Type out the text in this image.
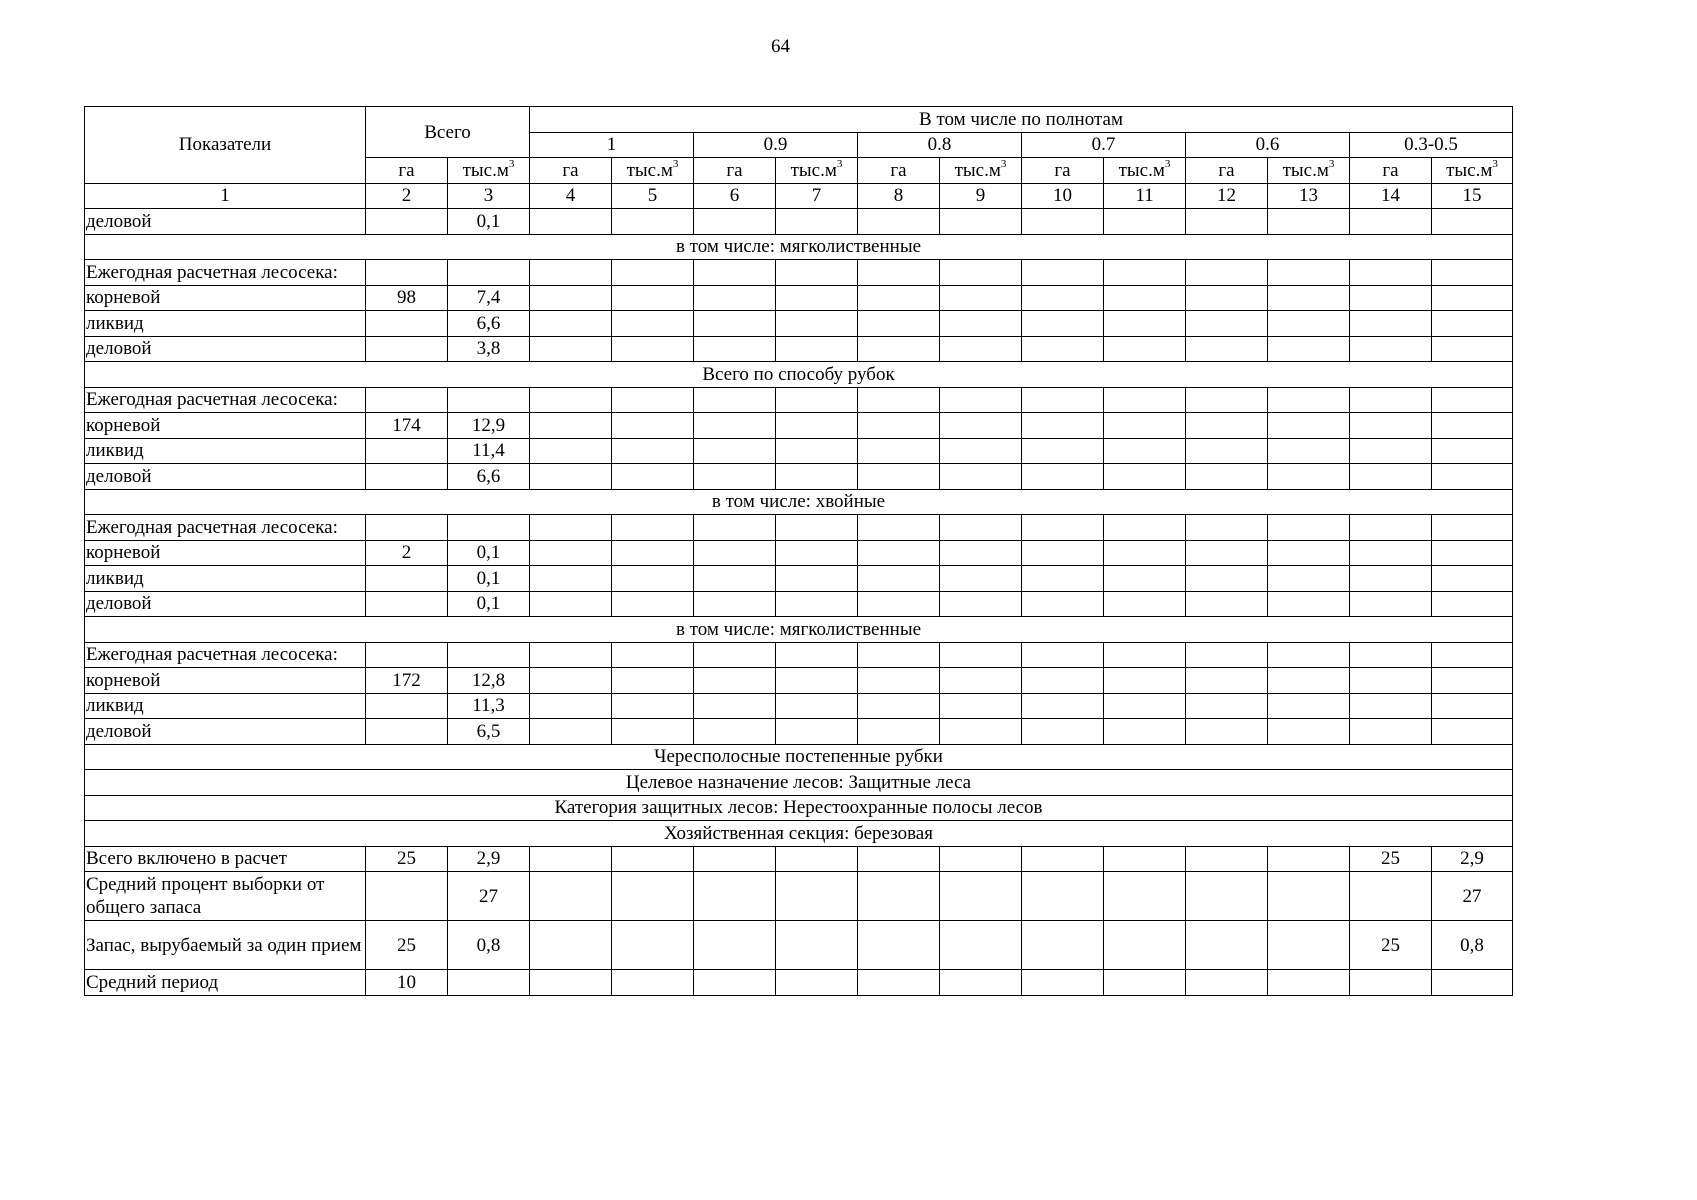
64
Показатели	Всего		В том числе по полнотам											
			1		0.9		0.8		0.7		0.6		0.3-0.5	
	га	$тыс.м^3$	га	$тыс.м^3$	га	$тыс.м^3$	га	$тыс.м^3$	га	$тыс.м^3$	га	$тыс.м^3$	га	$тыс.м^3$
1	2	3	4	5	6	7	8	9	10	11	12	13	14	15
деловой		0,1												
в том числе: мягколиственные														
Ежегодная расчетная лесосека:														
корневой	98	7,4												
ликвид		6,6												
деловой		3,8												
Всего по способу рубок														
Ежегодная расчетная лесосека:														
корневой	174	12,9												
ликвид		11,4												
деловой		6,6												
в том числе: хвойные														
Ежегодная расчетная лесосека:														
корневой	2	0,1												
ликвид		0,1												
деловой		0,1												
в том числе: мягколиственные														
Ежегодная расчетная лесосека:														
корневой	172	12,8												
ликвид		11,3												
деловой		6,5												
Чересполосные постепенные рубки														
Целевое назначение лесов: Защитные леса														
Категория защитных лесов: Нерестоохранные полосы лесов														
Хозяйственная секция: березовая														
Всего включено в расчет	25	2,9											25	2,9
Средний процент выборки от общего запаса		27												27
Запас, вырубаемый за один прием	25	0,8											25	0,8
Средний период	10													
